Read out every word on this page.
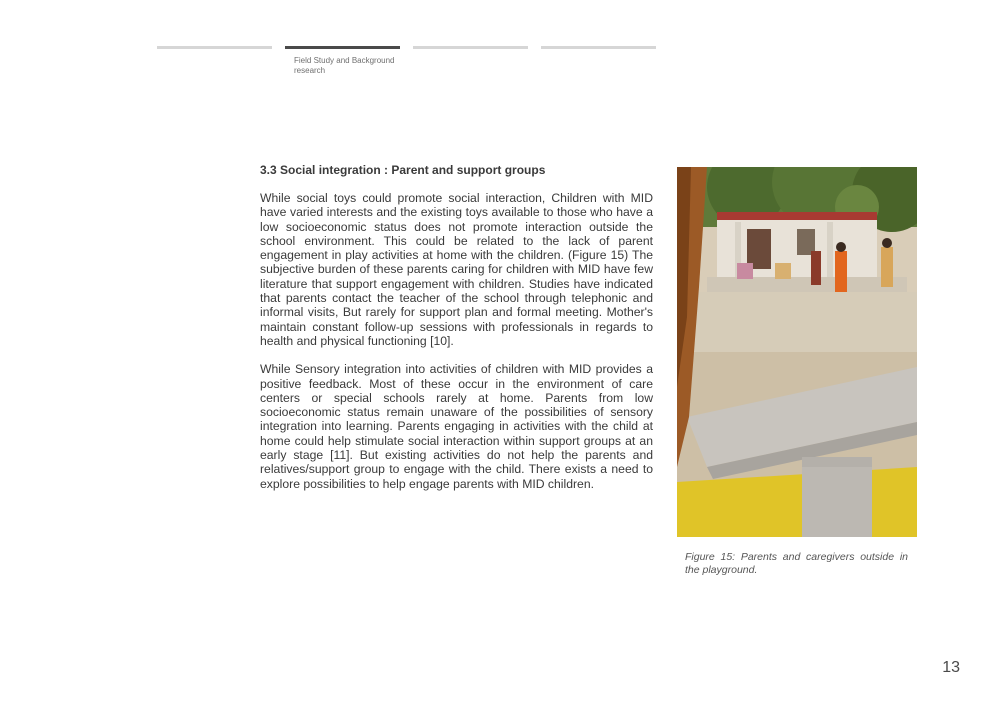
Field Study and Background research
3.3 Social integration : Parent and support groups

While social toys could promote social interaction, Children with MID have varied interests and the existing toys available to those who have a low socioeconomic status does not promote interaction outside the school environment. This could be related to the lack of parent engagement in play activities at home with the children. (Figure 15) The subjective burden of these parents caring for children with MID have few literature that support engagement with children. Studies have indicated that parents contact the teacher of the school through telephonic and informal visits, But rarely for support plan and formal meeting. Mother's maintain constant follow-up sessions with professionals in regards to health and physical functioning [10].

While Sensory integration into activities of children with MID provides a positive feedback. Most of these occur in the environment of care centers or special schools rarely at home. Parents from low socioeconomic status remain unaware of the possibilities of sensory integration into learning. Parents engaging in activities with the child at home could help stimulate social interaction within support groups at an early stage [11]. But existing activities do not help the parents and relatives/support group to engage with the child. There exists a need to explore possibilities to help engage parents with MID children.

Figure 15: Parents and caregivers outside in the playground.
13
